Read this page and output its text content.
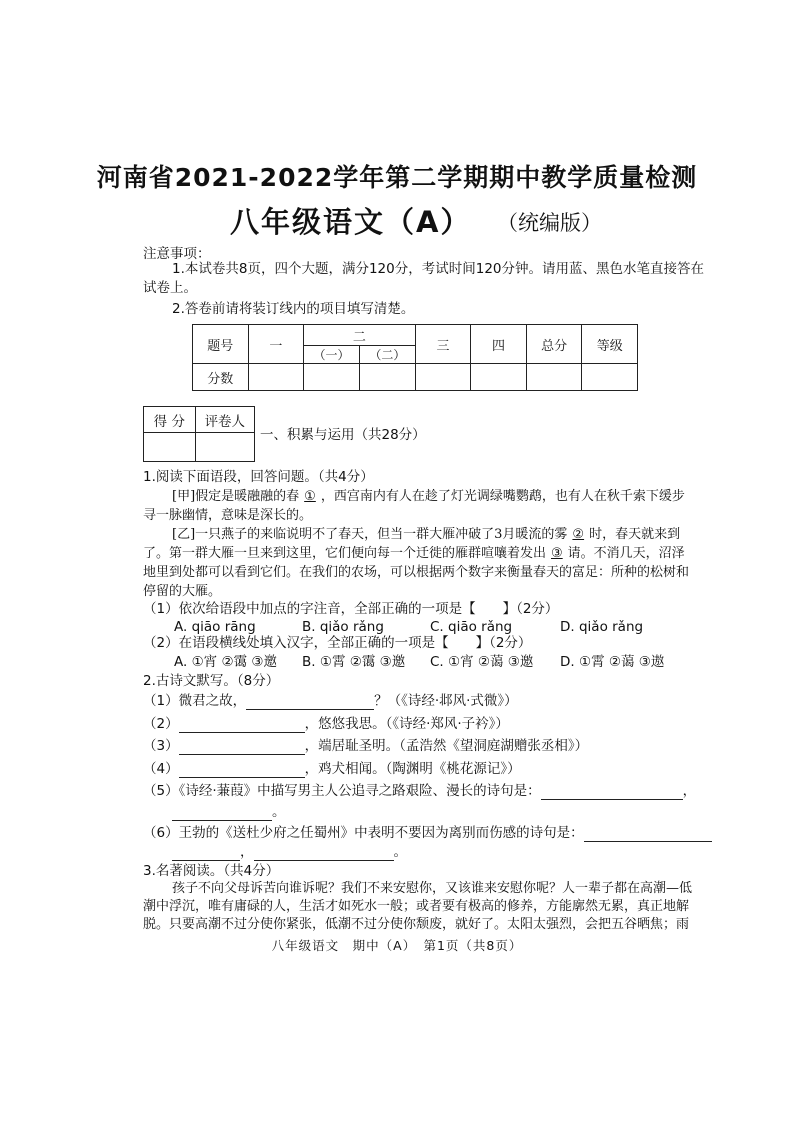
河南省2021-2022学年第二学期期中教学质量检测
八年级语文（A） （统编版）
注意事项：
1.本试卷共8页，四个大题，满分120分，考试时间120分钟。请用蓝、黑色水笔直接答在
试卷上。
2.答卷前请将装订线内的项目填写清楚。
题号	一	二		三	四	总分	等级
		（一）	（二）				
分数							
得 分	评卷人

一、积累与运用（共28分）
1.阅读下面语段，回答问题。（共4分）
[甲]假定是暖融融的春 ① ，西宫南内有人在趁了灯光调绿嘴鹦鹉，也有人在秋千索下缓步
寻一脉幽情，意味是深长的。
[乙]一只燕子的来临说明不了春天，但当一群大雁冲破了3月暖流的雾 ② 时，春天就来到
了。第一群大雁一旦来到这里，它们便向每一个迁徙的雁群喧嚷着发出 ③ 请。不消几天，沼泽
地里到处都可以看到它们。在我们的农场，可以根据两个数字来衡量春天的富足：所种的松树和
停留的大雁。
（1）依次给语段中加点的字注音，全部正确的一项是【　　】（2分）
A. qiāo rāng	B. qiǎo rǎng	C. qiāo rǎng	D. qiǎo rǎng
（2）在语段横线处填入汉字，全部正确的一项是【　　】（2分）
A. ①宵 ②霭 ③邀 B. ①霄 ②霭 ③邀 C. ①宵 ②蔼 ③邀 D. ①霄 ②蔼 ③遨
2.古诗文默写。（8分）
（1）微君之故，	？（《诗经·邶风·式微》）
（2）	，悠悠我思。（《诗经·郑风·子衿》）
（3）	，端居耻圣明。（孟浩然《望洞庭湖赠张丞相》）
（4）	，鸡犬相闻。（陶渊明《桃花源记》）
（5）《诗经·蒹葭》中描写男主人公追寻之路艰险、漫长的诗句是：	，
。
（6）王勃的《送杜少府之任蜀州》中表明不要因为离别而伤感的诗句是：
，	。
3.名著阅读。（共4分）
孩子不向父母诉苦向谁诉呢？我们不来安慰你，又该谁来安慰你呢？人一辈子都在高潮—低
潮中浮沉，唯有庸碌的人，生活才如死水一般；或者要有极高的修养，方能廓然无累，真正地解
脱。只要高潮不过分使你紧张，低潮不过分使你颓废，就好了。太阳太强烈，会把五谷晒焦；雨
八年级语文　期中（A）　第1页（共8页）
